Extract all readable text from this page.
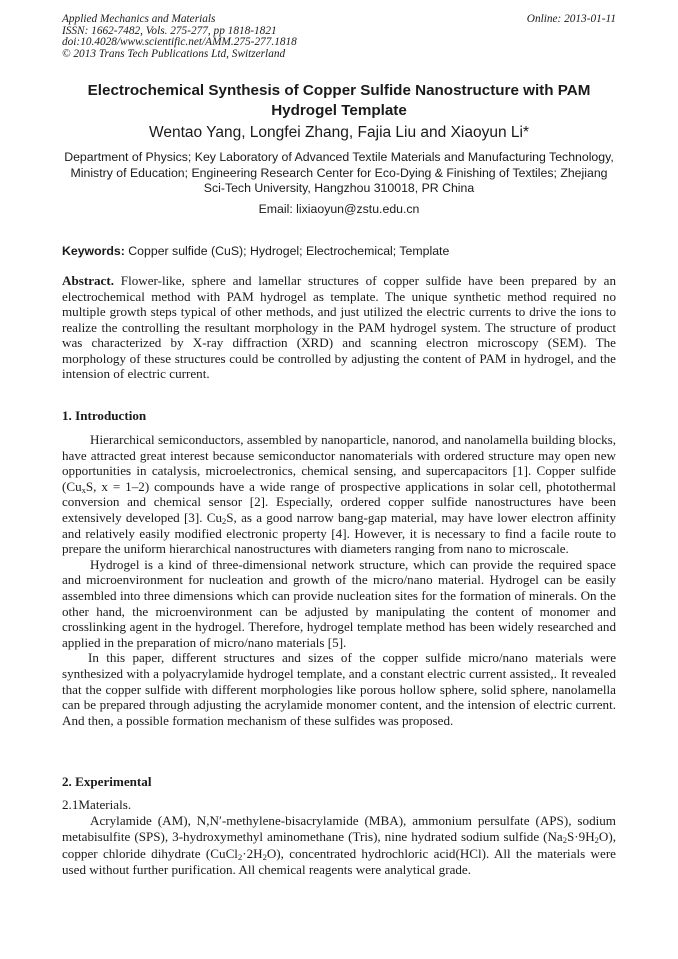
Applied Mechanics and Materials
ISSN: 1662-7482, Vols. 275-277, pp 1818-1821
doi:10.4028/www.scientific.net/AMM.275-277.1818
© 2013 Trans Tech Publications Ltd, Switzerland
Online: 2013-01-11
Electrochemical Synthesis of Copper Sulfide Nanostructure with PAM Hydrogel Template
Wentao Yang, Longfei Zhang, Fajia Liu and Xiaoyun Li*
Department of Physics; Key Laboratory of Advanced Textile Materials and Manufacturing Technology, Ministry of Education; Engineering Research Center for Eco-Dying & Finishing of Textiles; Zhejiang Sci-Tech University, Hangzhou 310018, PR China
Email: lixiaoyun@zstu.edu.cn
Keywords: Copper sulfide (CuS); Hydrogel; Electrochemical; Template
Abstract. Flower-like, sphere and lamellar structures of copper sulfide have been prepared by an electrochemical method with PAM hydrogel as template. The unique synthetic method required no multiple growth steps typical of other methods, and just utilized the electric currents to drive the ions to realize the controlling the resultant morphology in the PAM hydrogel system. The structure of product was characterized by X-ray diffraction (XRD) and scanning electron microscopy (SEM). The morphology of these structures could be controlled by adjusting the content of PAM in hydrogel, and the intension of electric current.
1. Introduction

Hierarchical semiconductors, assembled by nanoparticle, nanorod, and nanolamella building blocks, have attracted great interest because semiconductor nanomaterials with ordered structure may open new opportunities in catalysis, microelectronics, chemical sensing, and supercapacitors [1]. Copper sulfide ($Cu_xS$, x = 1–2) compounds have a wide range of prospective applications in solar cell, photothermal conversion and chemical sensor [2]. Especially, ordered copper sulfide nanostructures have been extensively developed [3]. $Cu_2S$, as a good narrow bang-gap material, may have lower electron affinity and relatively easily modified electronic property [4]. However, it is necessary to find a facile route to prepare the uniform hierarchical nanostructures with diameters ranging from nano to microscale.

Hydrogel is a kind of three-dimensional network structure, which can provide the required space and microenvironment for nucleation and growth of the micro/nano material. Hydrogel can be easily assembled into three dimensions which can provide nucleation sites for the formation of minerals. On the other hand, the microenvironment can be adjusted by manipulating the content of monomer and crosslinking agent in the hydrogel. Therefore, hydrogel template method has been widely researched and applied in the preparation of micro/nano materials [5].

In this paper, different structures and sizes of the copper sulfide micro/nano materials were synthesized with a polyacrylamide hydrogel template, and a constant electric current assisted,. It revealed that the copper sulfide with different morphologies like porous hollow sphere, solid sphere, nanolamella can be prepared through adjusting the acrylamide monomer content, and the intension of electric current. And then, a possible formation mechanism of these sulfides was proposed.

2. Experimental
2.1Materials.

Acrylamide (AM), N,N′-methylene-bisacrylamide (MBA), ammonium persulfate (APS), sodium metabisulfite (SPS), 3-hydroxymethyl aminomethane (Tris), nine hydrated sodium sulfide $(Na_2S\cdot 9H_2O)$, copper chloride dihydrate $(CuCl_2\cdot 2H_2O)$, concentrated hydrochloric acid(HCl). All the materials were used without further purification. All chemical reagents were analytical grade.
